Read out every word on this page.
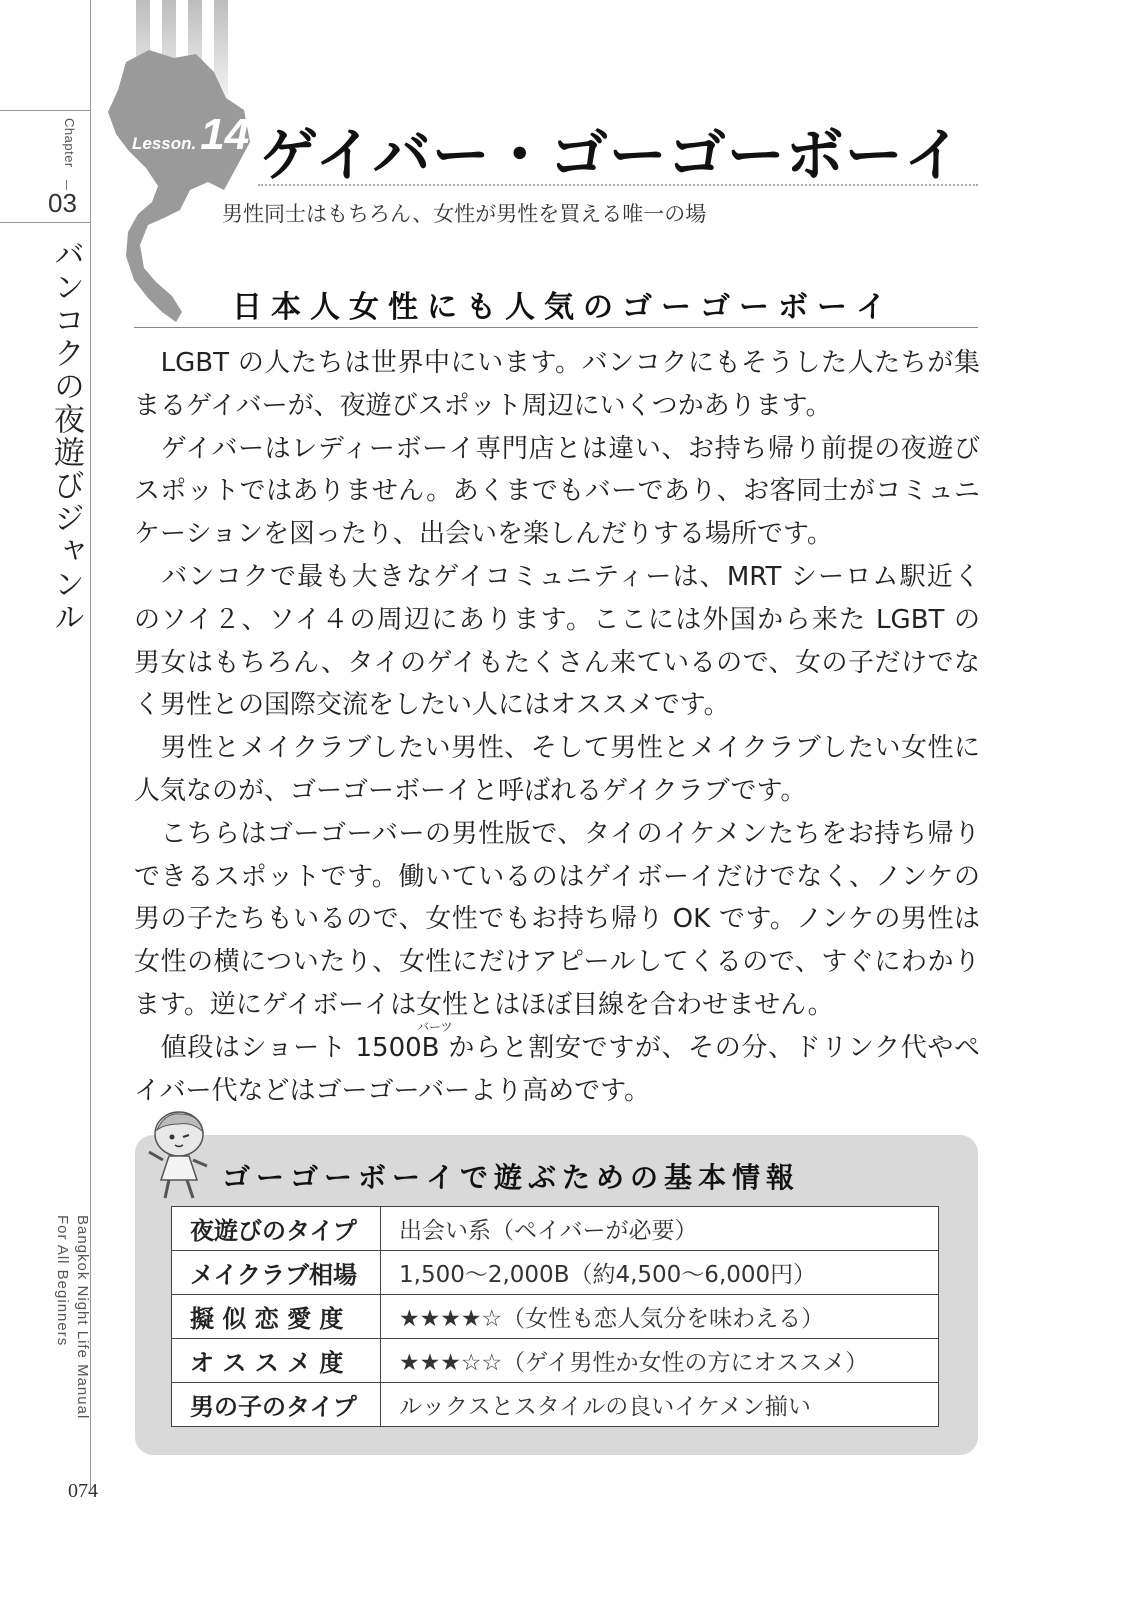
Chapter
03
バンコクの夜遊びジャンル
Bangkok Night Life Manual
For All Beginners
074
Lesson.14 ゲイバー・ゴーゴーボーイ
男性同士はもちろん、女性が男性を買える唯一の場
日本人女性にも人気のゴーゴーボーイ
　LGBT の人たちは世界中にいます。バンコクにもそうした人たちが集
まるゲイバーが、夜遊びスポット周辺にいくつかあります。
　ゲイバーはレディーボーイ専門店とは違い、お持ち帰り前提の夜遊び
スポットではありません。あくまでもバーであり、お客同士がコミュニ
ケーションを図ったり、出会いを楽しんだりする場所です。
　バンコクで最も大きなゲイコミュニティーは、MRT シーロム駅近く
のソイ２、ソイ４の周辺にあります。ここには外国から来た LGBT の
男女はもちろん、タイのゲイもたくさん来ているので、女の子だけでな
く男性との国際交流をしたい人にはオススメです。
　男性とメイクラブしたい男性、そして男性とメイクラブしたい女性に
人気なのが、ゴーゴーボーイと呼ばれるゲイクラブです。
　こちらはゴーゴーバーの男性版で、タイのイケメンたちをお持ち帰り
できるスポットです。働いているのはゲイボーイだけでなく、ノンケの
男の子たちもいるので、女性でもお持ち帰り OK です。ノンケの男性は
女性の横についたり、女性にだけアピールしてくるので、すぐにわかり
ます。逆にゲイボーイは女性とはほぼ目線を合わせません。
　値段はショート 1500B からと割安ですが、その分、ドリンク代やペ
イバー代などはゴーゴーバーより高めです。
バーツ
ゴーゴーボーイで遊ぶための基本情報
夜遊びのタイプ	出会い系（ペイバーが必要）
メイクラブ相場	1,500～2,000B（約4,500～6,000円）
擬 似 恋 愛 度	★★★★☆（女性も恋人気分を味わえる）
オ ス ス メ 度	★★★☆☆（ゲイ男性か女性の方にオススメ）
男の子のタイプ	ルックスとスタイルの良いイケメン揃い
